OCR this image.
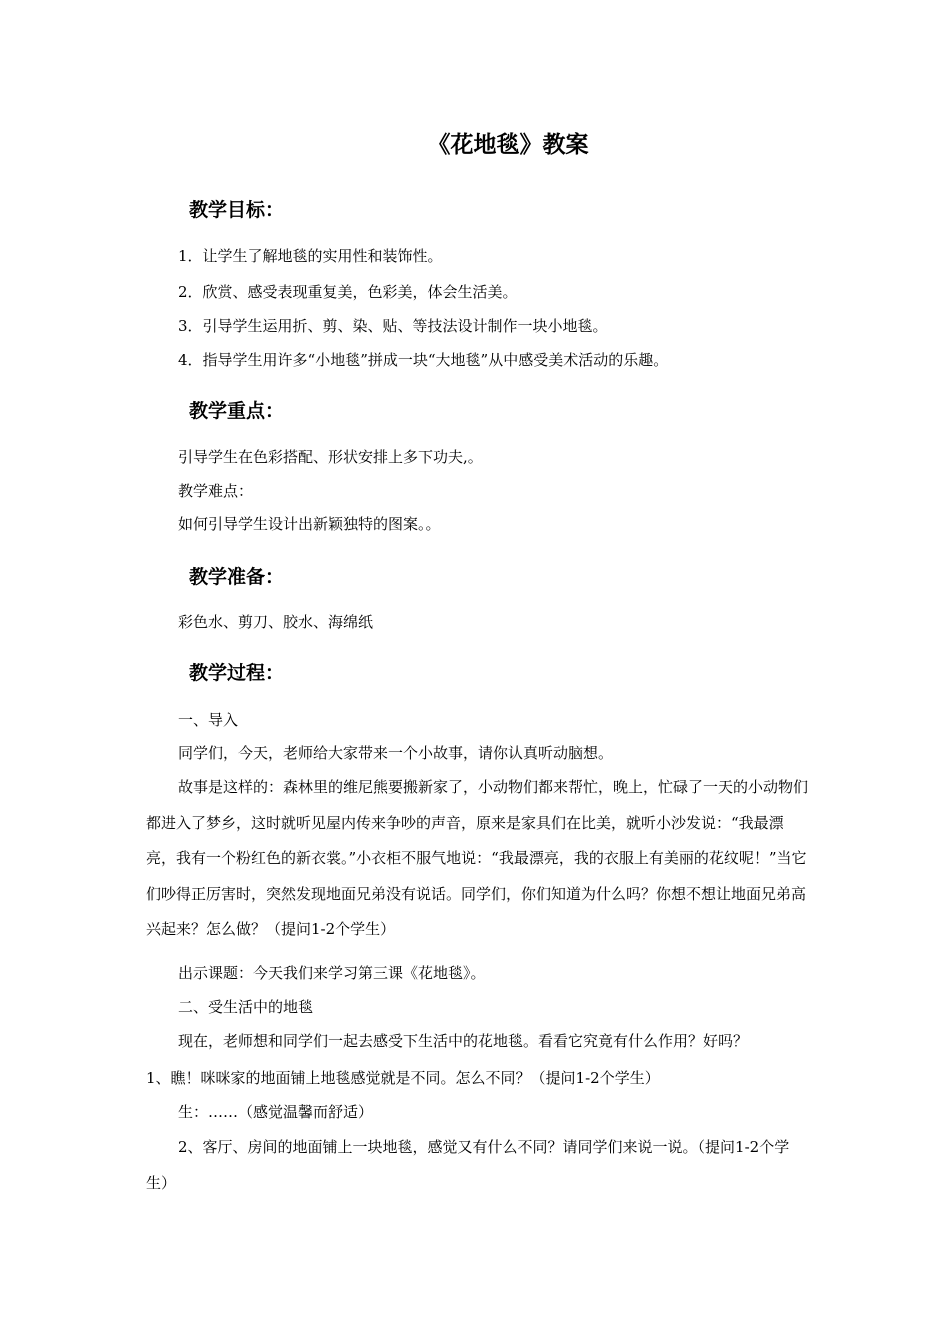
《花地毯》教案
教学目标：

1．让学生了解地毯的实用性和装饰性。

2．欣赏、感受表现重复美，色彩美，体会生活美。

3．引导学生运用折、剪、染、贴、等技法设计制作一块小地毯。

4．指导学生用许多“小地毯”拼成一块“大地毯”从中感受美术活动的乐趣。

教学重点：

引导学生在色彩搭配、形状安排上多下功夫,。

教学难点：

如何引导学生设计出新颖独特的图案。。

教学准备：

彩色水、剪刀、胶水、海绵纸

教学过程：

一、导入

同学们，今天，老师给大家带来一个小故事，请你认真听动脑想。

故事是这样的：森林里的维尼熊要搬新家了，小动物们都来帮忙，晚上，忙碌了一天的小动物们都进入了梦乡，这时就听见屋内传来争吵的声音，原来是家具们在比美，就听小沙发说：“我最漂亮，我有一个粉红色的新衣裳。”小衣柜不服气地说：“我最漂亮，我的衣服上有美丽的花纹呢！”当它们吵得正厉害时，突然发现地面兄弟没有说话。同学们，你们知道为什么吗？你想不想让地面兄弟高兴起来？怎么做？（提问1-2个学生）

出示课题：今天我们来学习第三课《花地毯》。

二、受生活中的地毯

现在，老师想和同学们一起去感受下生活中的花地毯。看看它究竟有什么作用？好吗？

1、瞧！咪咪家的地面铺上地毯感觉就是不同。怎么不同？（提问1-2个学生）

生：……（感觉温馨而舒适）

2、客厅、房间的地面铺上一块地毯，感觉又有什么不同？请同学们来说一说。（提问1-2个学生）
